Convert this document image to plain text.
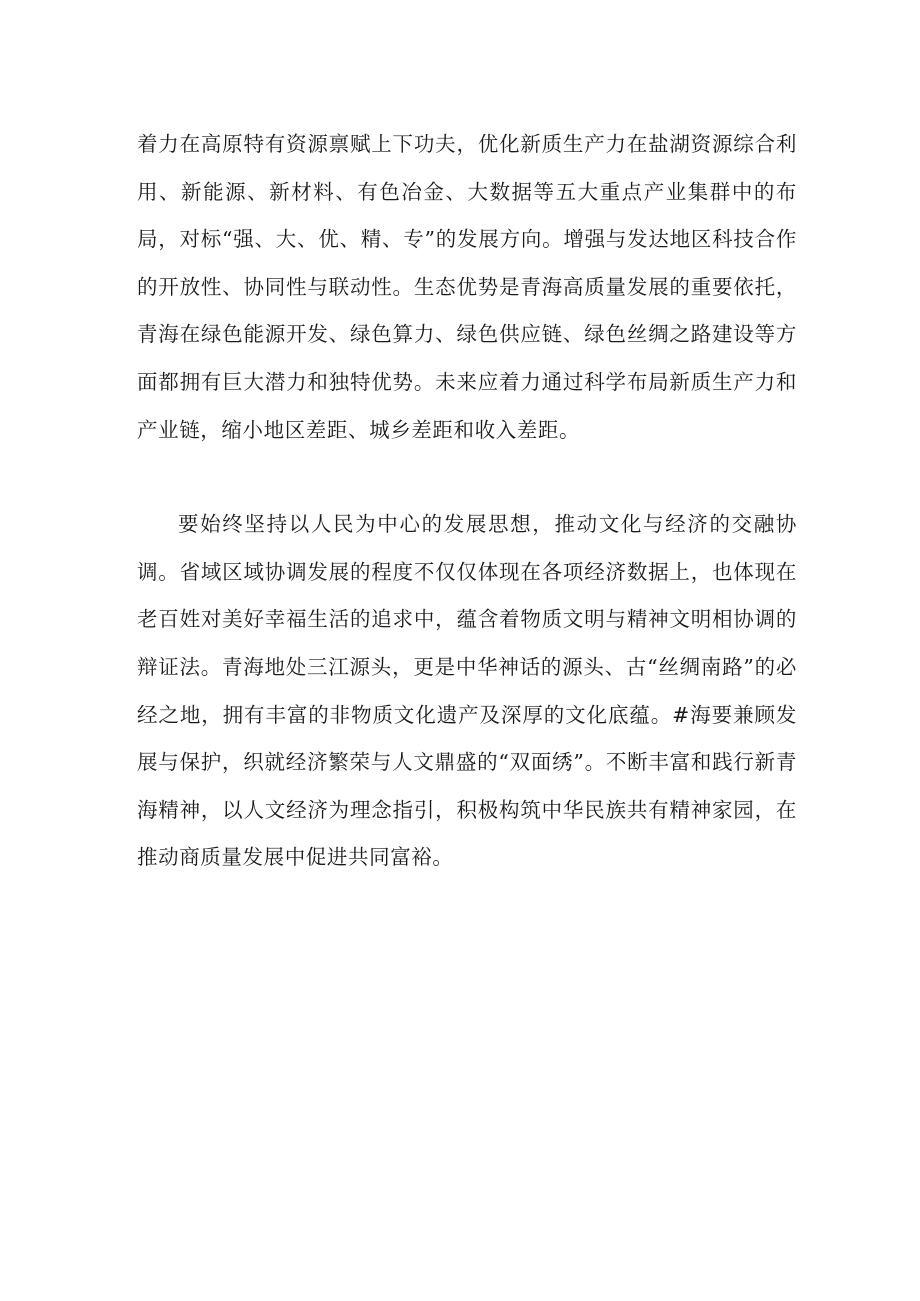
着力在高原特有资源禀赋上下功夫，优化新质生产力在盐湖资源综合利用、新能源、新材料、有色冶金、大数据等五大重点产业集群中的布局，对标“强、大、优、精、专”的发展方向。增强与发达地区科技合作的开放性、协同性与联动性。生态优势是青海高质量发展的重要依托，青海在绿色能源开发、绿色算力、绿色供应链、绿色丝绸之路建设等方面都拥有巨大潜力和独特优势。未来应着力通过科学布局新质生产力和产业链，缩小地区差距、城乡差距和收入差距。

要始终坚持以人民为中心的发展思想，推动文化与经济的交融协调。省域区域协调发展的程度不仅仅体现在各项经济数据上，也体现在老百姓对美好幸福生活的追求中，蕴含着物质文明与精神文明相协调的辩证法。青海地处三江源头，更是中华神话的源头、古“丝绸南路”的必经之地，拥有丰富的非物质文化遗产及深厚的文化底蕴。#海要兼顾发展与保护，织就经济繁荣与人文鼎盛的“双面绣”。不断丰富和践行新青海精神，以人文经济为理念指引，积极构筑中华民族共有精神家园，在推动商质量发展中促进共同富裕。
